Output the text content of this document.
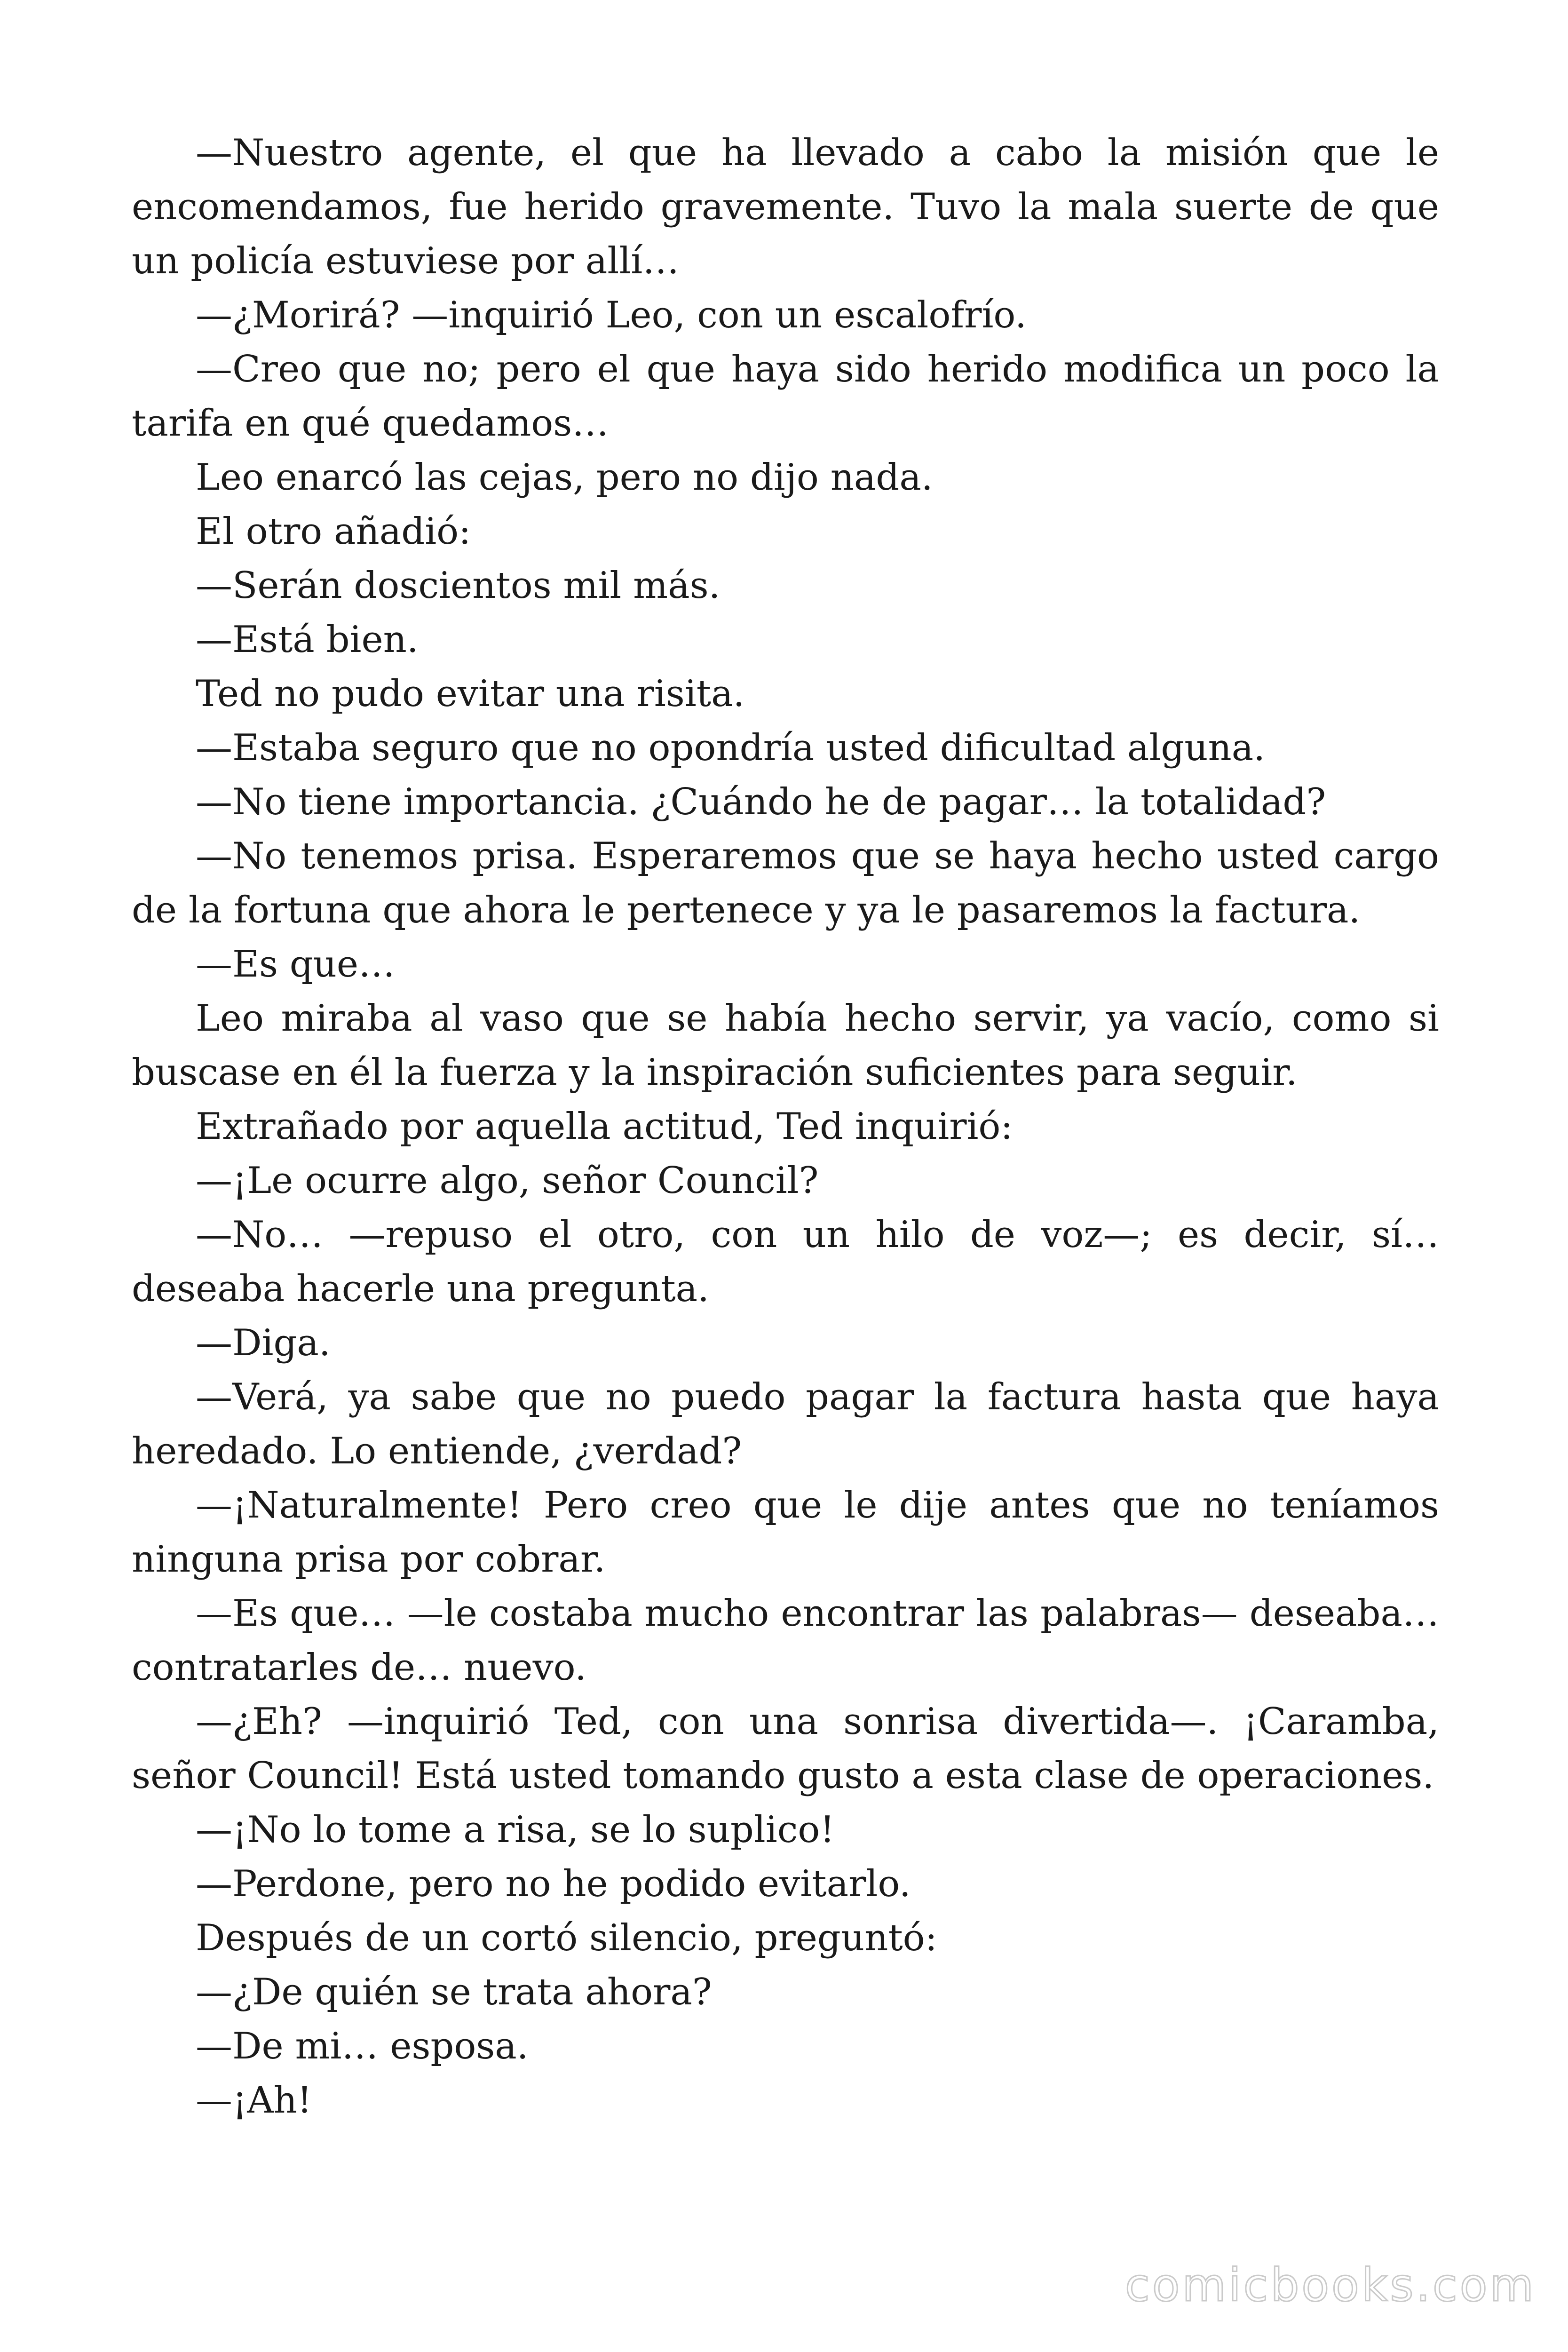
—Nuestro agente, el que ha llevado a cabo la misión que le encomendamos, fue herido gravemente. Tuvo la mala suerte de que un policía estuviese por allí…

—¿Morirá? —inquirió Leo, con un escalofrío.

—Creo que no; pero el que haya sido herido modifica un poco la tarifa en qué quedamos…

Leo enarcó las cejas, pero no dijo nada.

El otro añadió:

—Serán doscientos mil más.

—Está bien.

Ted no pudo evitar una risita.

—Estaba seguro que no opondría usted dificultad alguna.

—No tiene importancia. ¿Cuándo he de pagar… la totalidad?

—No tenemos prisa. Esperaremos que se haya hecho usted cargo de la fortuna que ahora le pertenece y ya le pasaremos la factura.

—Es que…

Leo miraba al vaso que se había hecho servir, ya vacío, como si buscase en él la fuerza y la inspiración suficientes para seguir.

Extrañado por aquella actitud, Ted inquirió:

—¡Le ocurre algo, señor Council?

—No… —repuso el otro, con un hilo de voz—; es decir, sí… deseaba hacerle una pregunta.

—Diga.

—Verá, ya sabe que no puedo pagar la factura hasta que haya heredado. Lo entiende, ¿verdad?

—¡Naturalmente! Pero creo que le dije antes que no teníamos ninguna prisa por cobrar.

—Es que… —le costaba mucho encontrar las palabras— deseaba… contratarles de… nuevo.

—¿Eh? —inquirió Ted, con una sonrisa divertida—. ¡Caramba, señor Council! Está usted tomando gusto a esta clase de operaciones.

—¡No lo tome a risa, se lo suplico!

—Perdone, pero no he podido evitarlo.

Después de un cortó silencio, preguntó:

—¿De quién se trata ahora?

—De mi… esposa.

—¡Ah!

comicbooks.com
